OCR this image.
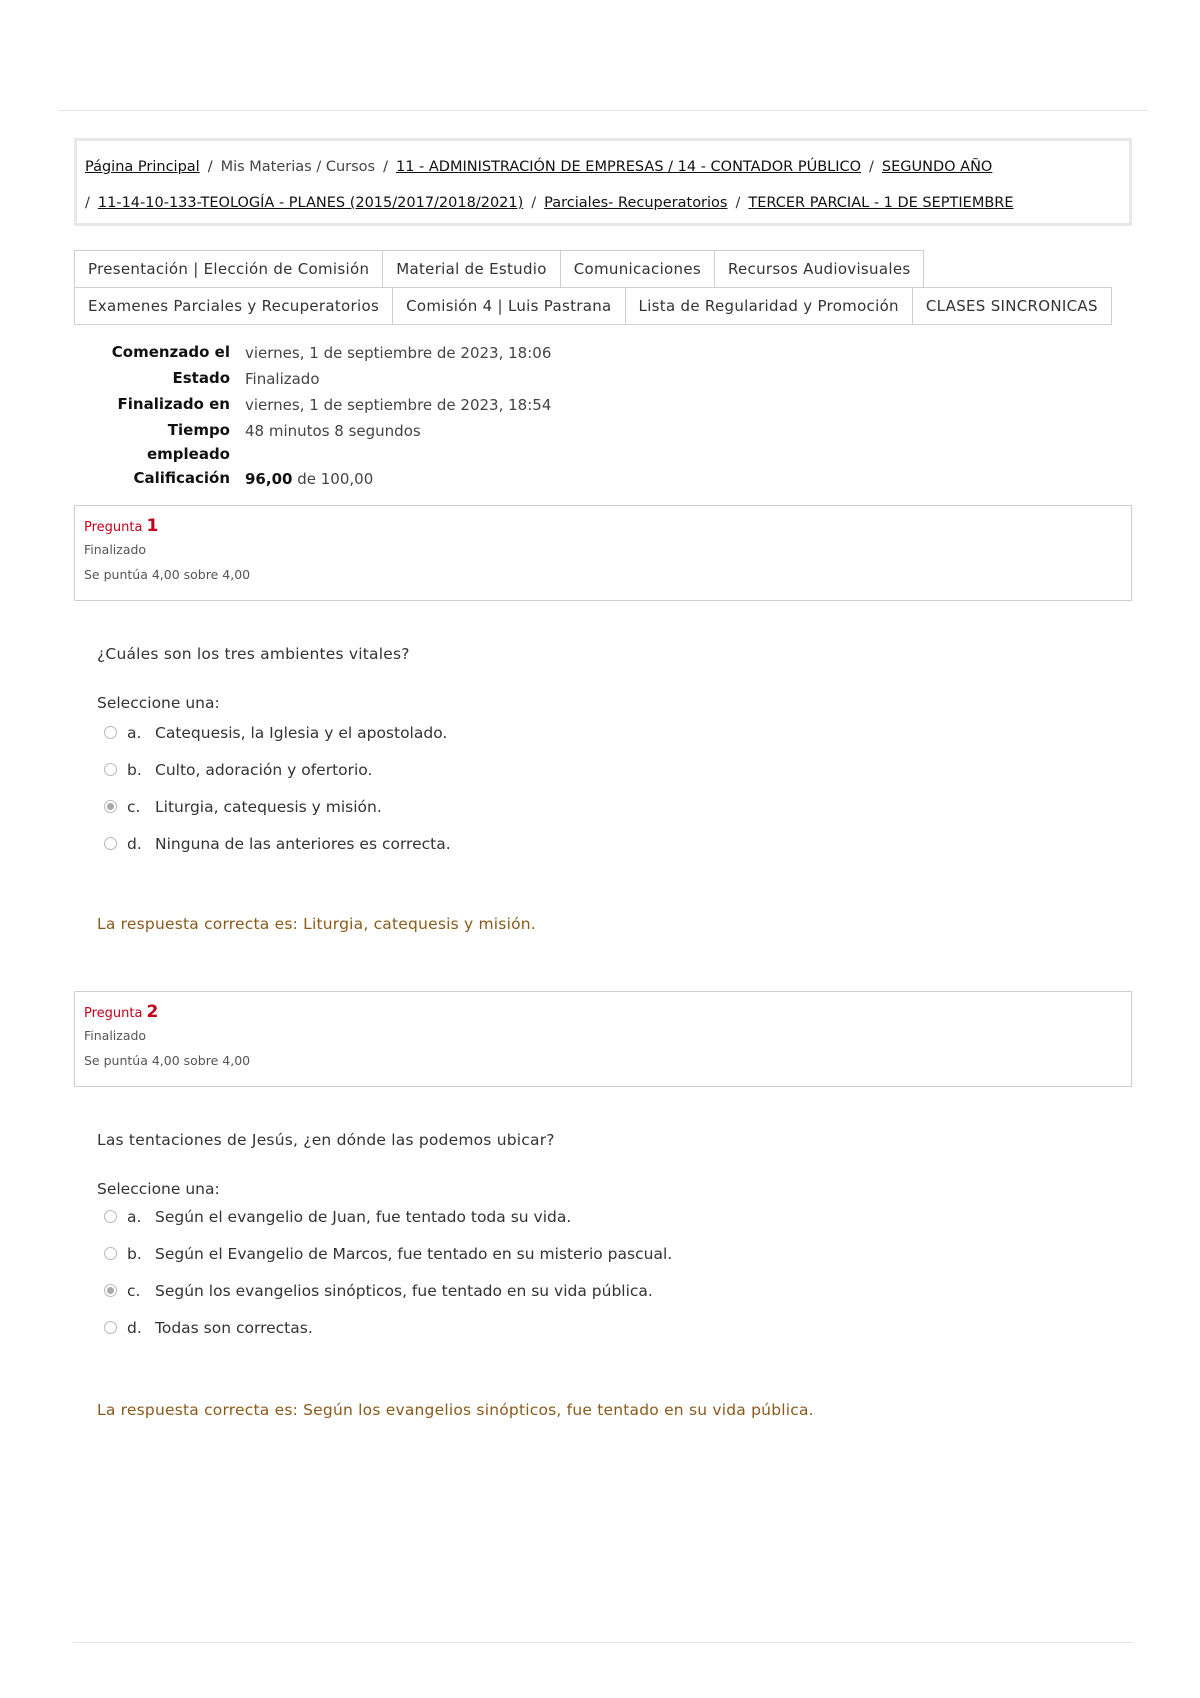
Página Principal / Mis Materias / Cursos / 11 - ADMINISTRACIÓN DE EMPRESAS / 14 - CONTADOR PÚBLICO / SEGUNDO AÑO
/ 11-14-10-133-TEOLOGÍA - PLANES (2015/2017/2018/2021) / Parciales- Recuperatorios / TERCER PARCIAL - 1 DE SEPTIEMBRE
Presentación | Elección de Comisión	Material de Estudio	Comunicaciones	Recursos Audiovisuales
Examenes Parciales y Recuperatorios	Comisión 4 | Luis Pastrana	Lista de Regularidad y Promoción	CLASES SINCRONICAS
Comenzado el	viernes, 1 de septiembre de 2023, 18:06
Estado	Finalizado
Finalizado en	viernes, 1 de septiembre de 2023, 18:54
Tiempo
empleado	48 minutos 8 segundos
Calificación	96,00 de 100,00
Pregunta 1
Finalizado
Se puntúa 4,00 sobre 4,00
¿Cuáles son los tres ambientes vitales?
Seleccione una:
a. Catequesis, la Iglesia y el apostolado.
b. Culto, adoración y ofertorio.
c. Liturgia, catequesis y misión.
d. Ninguna de las anteriores es correcta.
La respuesta correcta es: Liturgia, catequesis y misión.
Pregunta 2
Finalizado
Se puntúa 4,00 sobre 4,00
Las tentaciones de Jesús, ¿en dónde las podemos ubicar?
Seleccione una:
a. Según el evangelio de Juan, fue tentado toda su vida.
b. Según el Evangelio de Marcos, fue tentado en su misterio pascual.
c. Según los evangelios sinópticos, fue tentado en su vida pública.
d. Todas son correctas.
La respuesta correcta es: Según los evangelios sinópticos, fue tentado en su vida pública.
